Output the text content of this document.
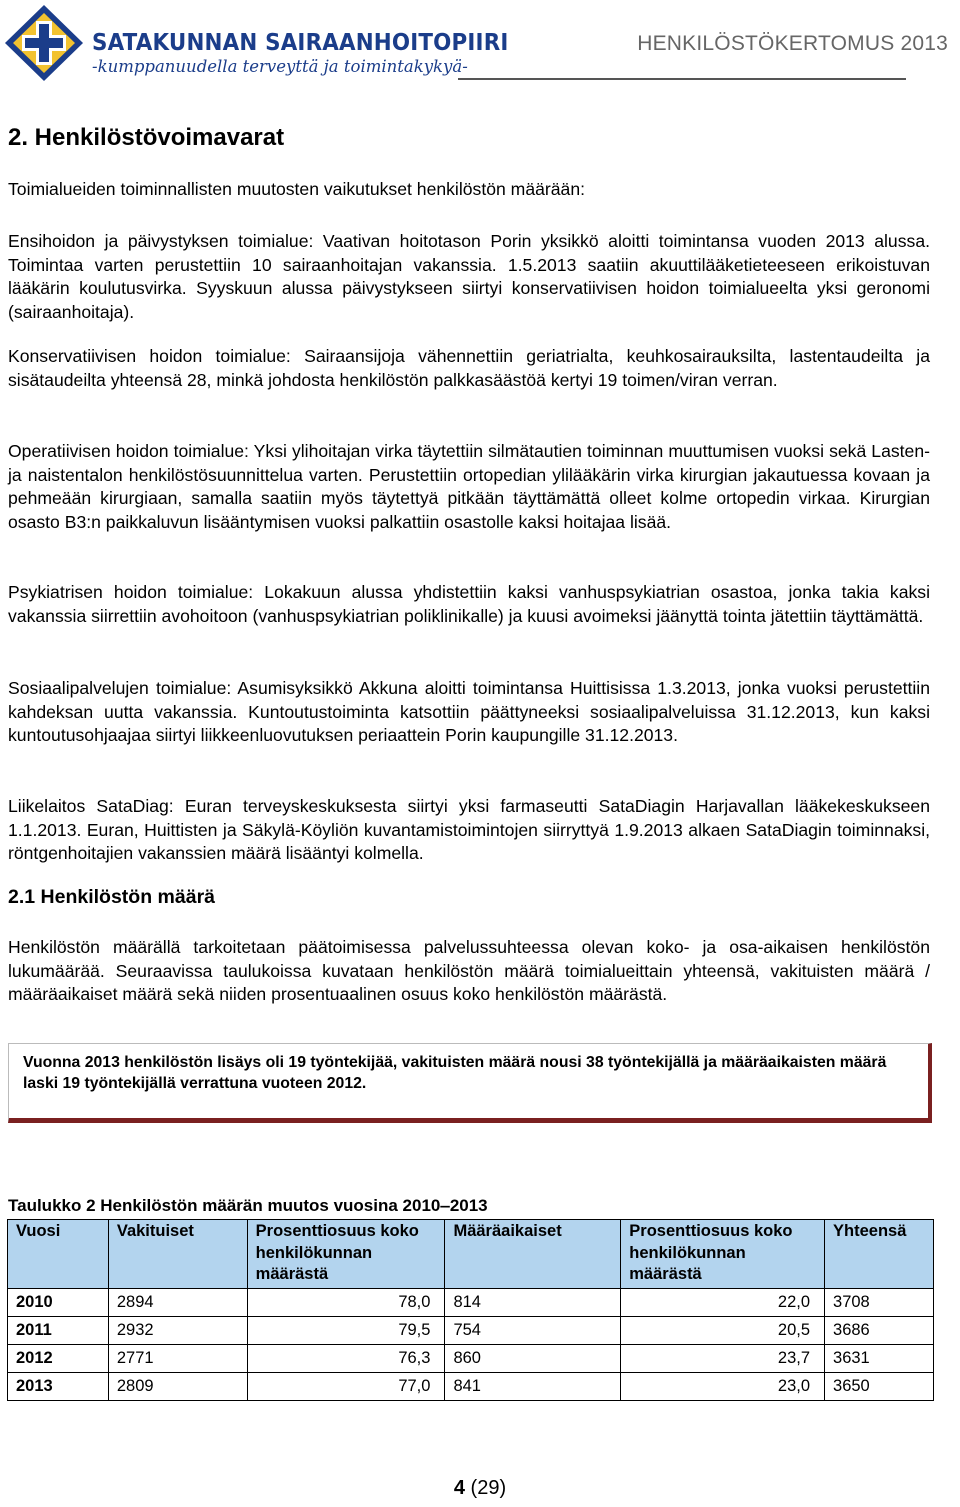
SATAKUNNAN SAIRAANHOITOPIIRI
-kumppanuudella terveyttä ja toimintakykyä-
HENKILÖSTÖKERTOMUS 2013
2. Henkilöstövoimavarat

Toimialueiden toiminnallisten muutosten vaikutukset henkilöstön määrään:

Ensihoidon ja päivystyksen toimialue: Vaativan hoitotason Porin yksikkö aloitti toimintansa vuoden 2013 alussa. Toimintaa varten perustettiin 10 sairaanhoitajan vakanssia. 1.5.2013 saatiin akuuttilääketieteeseen erikoistuvan lääkärin koulutusvirka. Syyskuun alussa päivystykseen siirtyi konservatiivisen hoidon toimialueelta yksi geronomi (sairaanhoitaja).

Konservatiivisen hoidon toimialue: Sairaansijoja vähennettiin geriatrialta, keuhkosairauksilta, lastentaudeilta ja sisätaudeilta yhteensä 28, minkä johdosta henkilöstön palkkasäästöä kertyi 19 toimen/viran verran.

Operatiivisen hoidon toimialue: Yksi ylihoitajan virka täytettiin silmätautien toiminnan muuttumisen vuoksi sekä Lasten- ja naistentalon henkilöstösuunnittelua varten. Perustettiin ortopedian ylilääkärin virka kirurgian jakautuessa kovaan ja pehmeään kirurgiaan, samalla saatiin myös täytettyä pitkään täyttämättä olleet kolme ortopedin virkaa. Kirurgian osasto B3:n paikkaluvun lisääntymisen vuoksi palkattiin osastolle kaksi hoitajaa lisää.

Psykiatrisen hoidon toimialue: Lokakuun alussa yhdistettiin kaksi vanhuspsykiatrian osastoa, jonka takia kaksi vakanssia siirrettiin avohoitoon (vanhuspsykiatrian poliklinikalle) ja kuusi avoimeksi jäänyttä tointa jätettiin täyttämättä.

Sosiaalipalvelujen toimialue: Asumisyksikkö Akkuna aloitti toimintansa Huittisissa 1.3.2013, jonka vuoksi perustettiin kahdeksan uutta vakanssia. Kuntoutustoiminta katsottiin päättyneeksi sosiaalipalveluissa 31.12.2013, kun kaksi kuntoutusohjaajaa siirtyi liikkeenluovutuksen periaattein Porin kaupungille 31.12.2013.

Liikelaitos SataDiag: Euran terveyskeskuksesta siirtyi yksi farmaseutti SataDiagin Harjavallan lääkekeskukseen 1.1.2013. Euran, Huittisten ja Säkylä-Köyliön kuvantamistoimintojen siirryttyä 1.9.2013 alkaen SataDiagin toiminnaksi, röntgenhoitajien vakanssien määrä lisääntyi kolmella.

2.1 Henkilöstön määrä

Henkilöstön määrällä tarkoitetaan päätoimisessa palvelussuhteessa olevan koko- ja osa-aikaisen henkilöstön lukumäärää. Seuraavissa taulukoissa kuvataan henkilöstön määrä toimialueittain yhteensä, vakituisten määrä / määräaikaiset määrä sekä niiden prosentuaalinen osuus koko henkilöstön määrästä.

Vuonna 2013 henkilöstön lisäys oli 19 työntekijää, vakituisten määrä nousi 38 työntekijällä ja määräaikaisten määrä laski 19 työntekijällä verrattuna vuoteen 2012.

Taulukko 2 Henkilöstön määrän muutos vuosina 2010‒2013

Vuosi	Vakituiset	Prosenttiosuus koko henkilökunnan määrästä	Määräaikaiset	Prosenttiosuus koko henkilökunnan määrästä	Yhteensä
2010	2894	78,0	814	22,0	3708
2011	2932	79,5	754	20,5	3686
2012	2771	76,3	860	23,7	3631
2013	2809	77,0	841	23,0	3650
4 (29)
